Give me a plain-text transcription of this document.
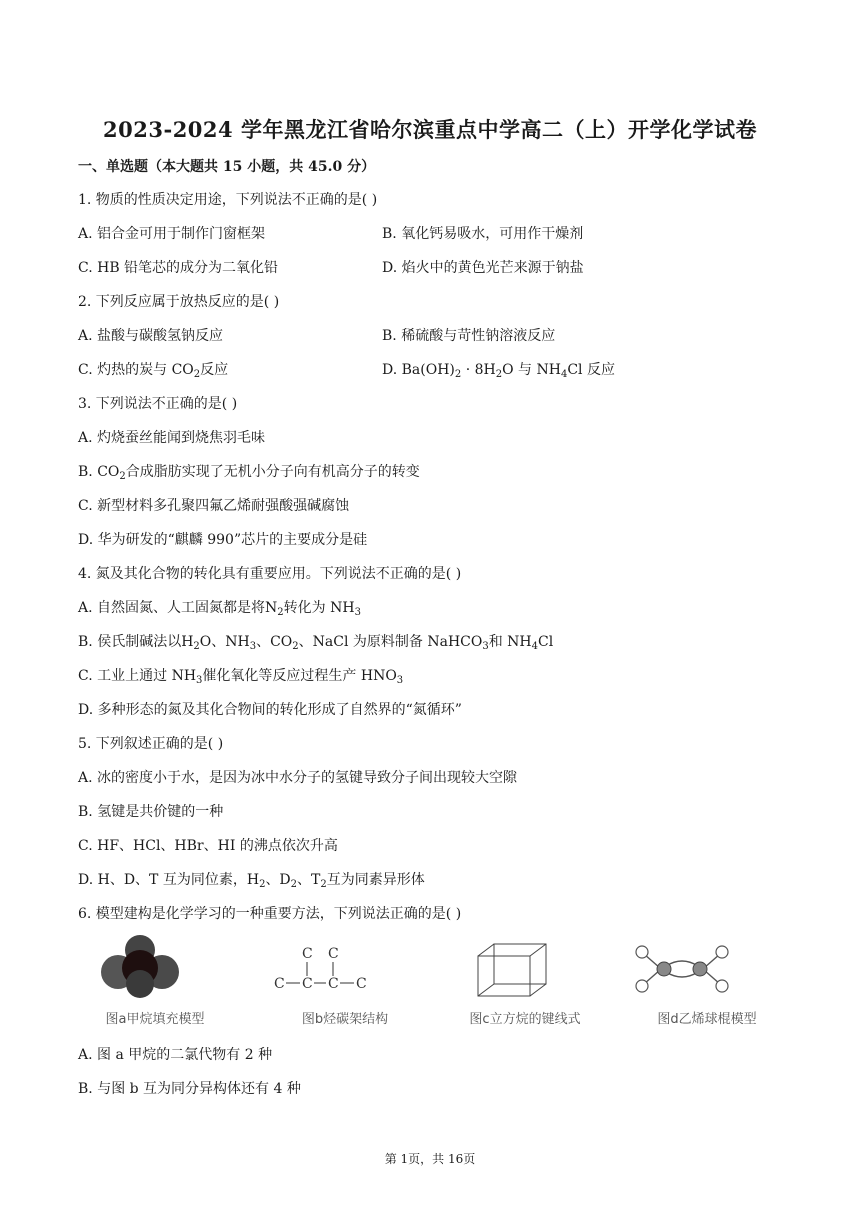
2023-2024 学年黑龙江省哈尔滨重点中学高二（上）开学化学试卷
一、单选题（本大题共 15 小题，共 45.0 分）
1. 物质的性质决定用途，下列说法不正确的是( )
A. 铝合金可用于制作门窗框架	B. 氧化钙易吸水，可用作干燥剂
C. HB 铅笔芯的成分为二氧化铅	D. 焰火中的黄色光芒来源于钠盐
2. 下列反应属于放热反应的是( )
A. 盐酸与碳酸氢钠反应	B. 稀硫酸与苛性钠溶液反应
C. 灼热的炭与 $CO_2$反应	D. $Ba(OH)_2 \cdot 8H_2O$ 与 $NH_4Cl$ 反应
3. 下列说法不正确的是( )
A. 灼烧蚕丝能闻到烧焦羽毛味
B. $CO_2$合成脂肪实现了无机小分子向有机高分子的转变
C. 新型材料多孔聚四氟乙烯耐强酸强碱腐蚀
D. 华为研发的“麒麟 990”芯片的主要成分是硅
4. 氮及其化合物的转化具有重要应用。下列说法不正确的是( )
A. 自然固氮、人工固氮都是将$N_2$转化为 $NH_3$
B. 侯氏制碱法以$H_2O$、$NH_3$、$CO_2$、NaCl 为原料制备 NaHCO$_3$和 $NH_4Cl$
C. 工业上通过 $NH_3$催化氧化等反应过程生产 $HNO_3$
D. 多种形态的氮及其化合物间的转化形成了自然界的“氮循环”
5. 下列叙述正确的是( )
A. 冰的密度小于水，是因为冰中水分子的氢键导致分子间出现较大空隙
B. 氢键是共价键的一种
C. HF、HCl、HBr、HI 的沸点依次升高
D. H、D、T 互为同位素，$H_2$、$D_2$、$T_2$互为同素异形体
6. 模型建构是化学学习的一种重要方法，下列说法正确的是( )
图a甲烷填充模型
C C
C C C C
图b烃碳架结构	图c立方烷的键线式	图d乙烯球棍模型
A. 图 a 甲烷的二氯代物有 2 种
B. 与图 b 互为同分异构体还有 4 种
第 1页，共 16页
